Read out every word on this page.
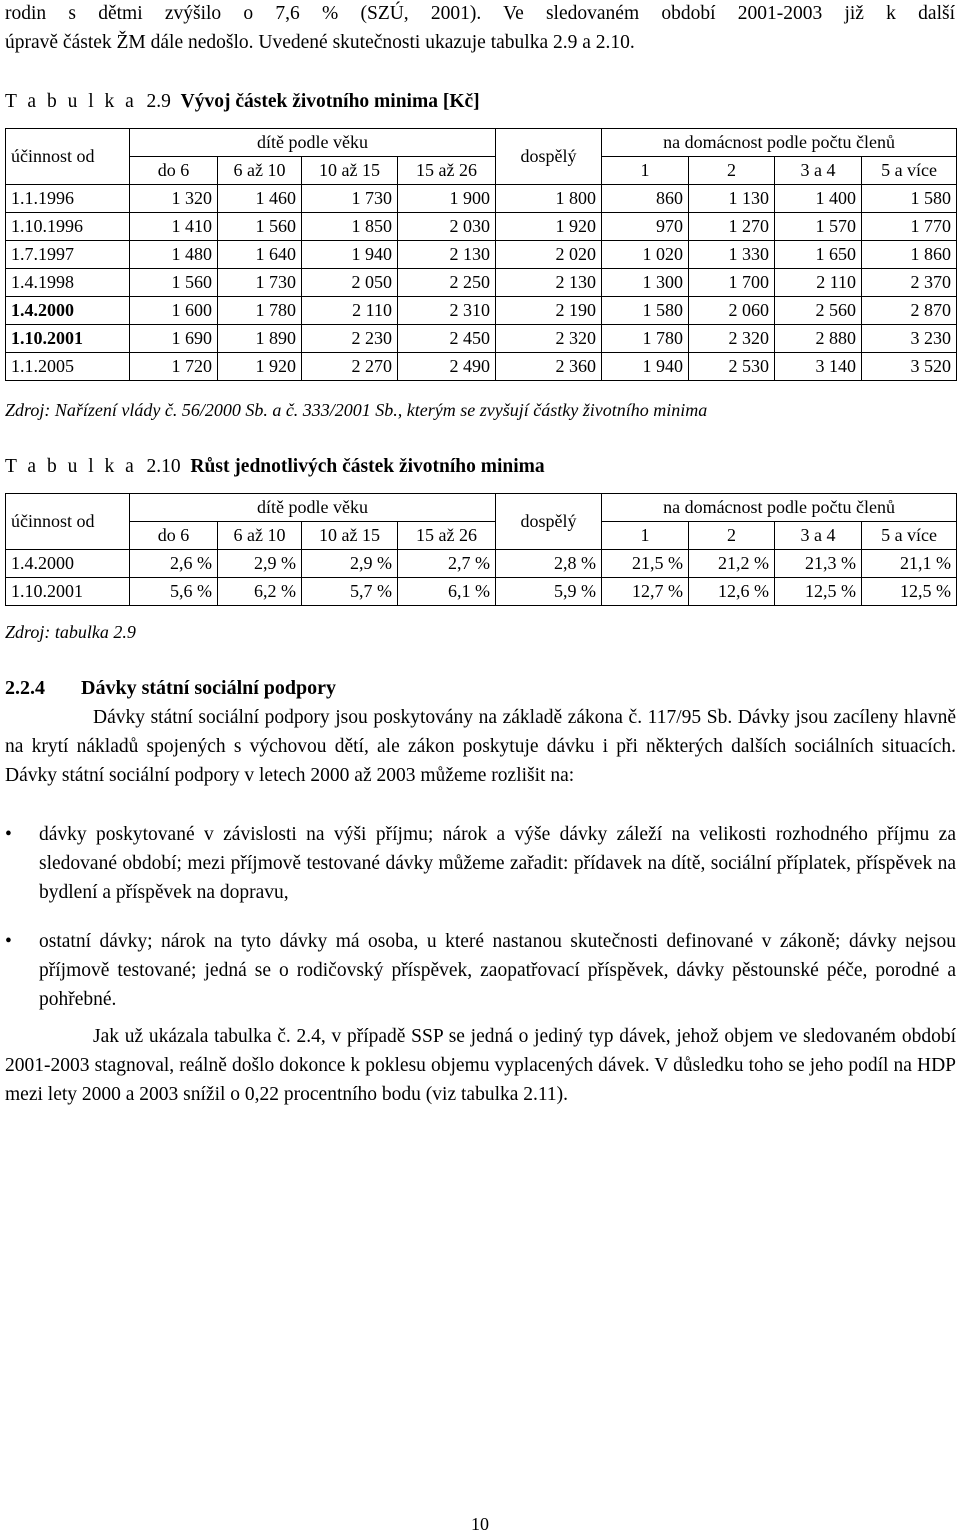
rodin s dětmi zvýšilo o 7,6 % (SZÚ, 2001). Ve sledovaném období 2001-2003 již k další
úpravě částek ŽM dále nedošlo. Uvedené skutečnosti ukazuje tabulka 2.9 a 2.10.
T a b u l k a 2.9 Vývoj částek životního minima [Kč]
účinnost od	dítě podle věku				dospělý	na domácnost podle počtu členů			
	do 6	6 až 10	10 až 15	15 až 26		1	2	3 a 4	5 a více
1.1.1996	1 320	1 460	1 730	1 900	1 800	860	1 130	1 400	1 580
1.10.1996	1 410	1 560	1 850	2 030	1 920	970	1 270	1 570	1 770
1.7.1997	1 480	1 640	1 940	2 130	2 020	1 020	1 330	1 650	1 860
1.4.1998	1 560	1 730	2 050	2 250	2 130	1 300	1 700	2 110	2 370
1.4.2000	1 600	1 780	2 110	2 310	2 190	1 580	2 060	2 560	2 870
1.10.2001	1 690	1 890	2 230	2 450	2 320	1 780	2 320	2 880	3 230
1.1.2005	1 720	1 920	2 270	2 490	2 360	1 940	2 530	3 140	3 520
Zdroj: Nařízení vlády č. 56/2000 Sb. a č. 333/2001 Sb., kterým se zvyšují částky životního minima
T a b u l k a 2.10 Růst jednotlivých částek životního minima
účinnost od	dítě podle věku				dospělý	na domácnost podle počtu členů			
	do 6	6 až 10	10 až 15	15 až 26		1	2	3 a 4	5 a více
1.4.2000	2,6 %	2,9 %	2,9 %	2,7 %	2,8 %	21,5 %	21,2 %	21,3 %	21,1 %
1.10.2001	5,6 %	6,2 %	5,7 %	6,1 %	5,9 %	12,7 %	12,6 %	12,5 %	12,5 %
Zdroj: tabulka 2.9
2.2.4 Dávky státní sociální podpory

Dávky státní sociální podpory jsou poskytovány na základě zákona č. 117/95 Sb. Dávky jsou zacíleny hlavně na krytí nákladů spojených s výchovou dětí, ale zákon poskytuje dávku i při některých dalších sociálních situacích. Dávky státní sociální podpory v letech 2000 až 2003 můžeme rozlišit na:

• dávky poskytované v závislosti na výši příjmu; nárok a výše dávky záleží na velikosti rozhodného příjmu za sledované období; mezi příjmově testované dávky můžeme zařadit: přídavek na dítě, sociální příplatek, příspěvek na bydlení a příspěvek na dopravu,

• ostatní dávky; nárok na tyto dávky má osoba, u které nastanou skutečnosti definované v zákoně; dávky nejsou příjmově testované; jedná se o rodičovský příspěvek, zaopatřovací příspěvek, dávky pěstounské péče, porodné a pohřebné.

Jak už ukázala tabulka č. 2.4, v případě SSP se jedná o jediný typ dávek, jehož objem ve sledovaném období 2001-2003 stagnoval, reálně došlo dokonce k poklesu objemu vyplacených dávek. V důsledku toho se jeho podíl na HDP mezi lety 2000 a 2003 snížil o 0,22 procentního bodu (viz tabulka 2.11).

10
